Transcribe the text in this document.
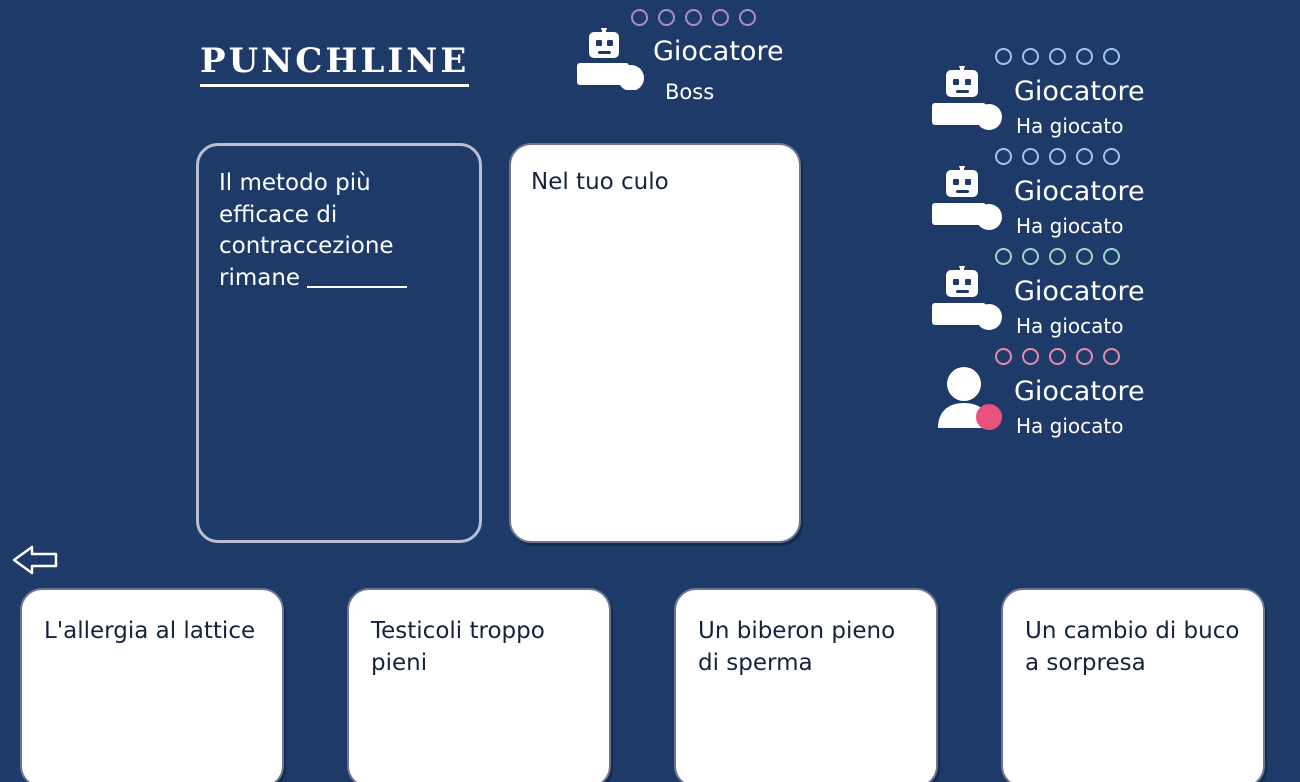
PUNCHLINE	Giocatore
Boss	Giocatore
Ha giocato
Giocatore
Ha giocato
Giocatore
Ha giocato
Giocatore
Ha giocato
Il metodo più efficace di contraccezione rimane
Nel tuo culo
L'allergia al lattice	Testicoli troppo pieni
Un biberon pieno di sperma
Un cambio di buco a sorpresa
